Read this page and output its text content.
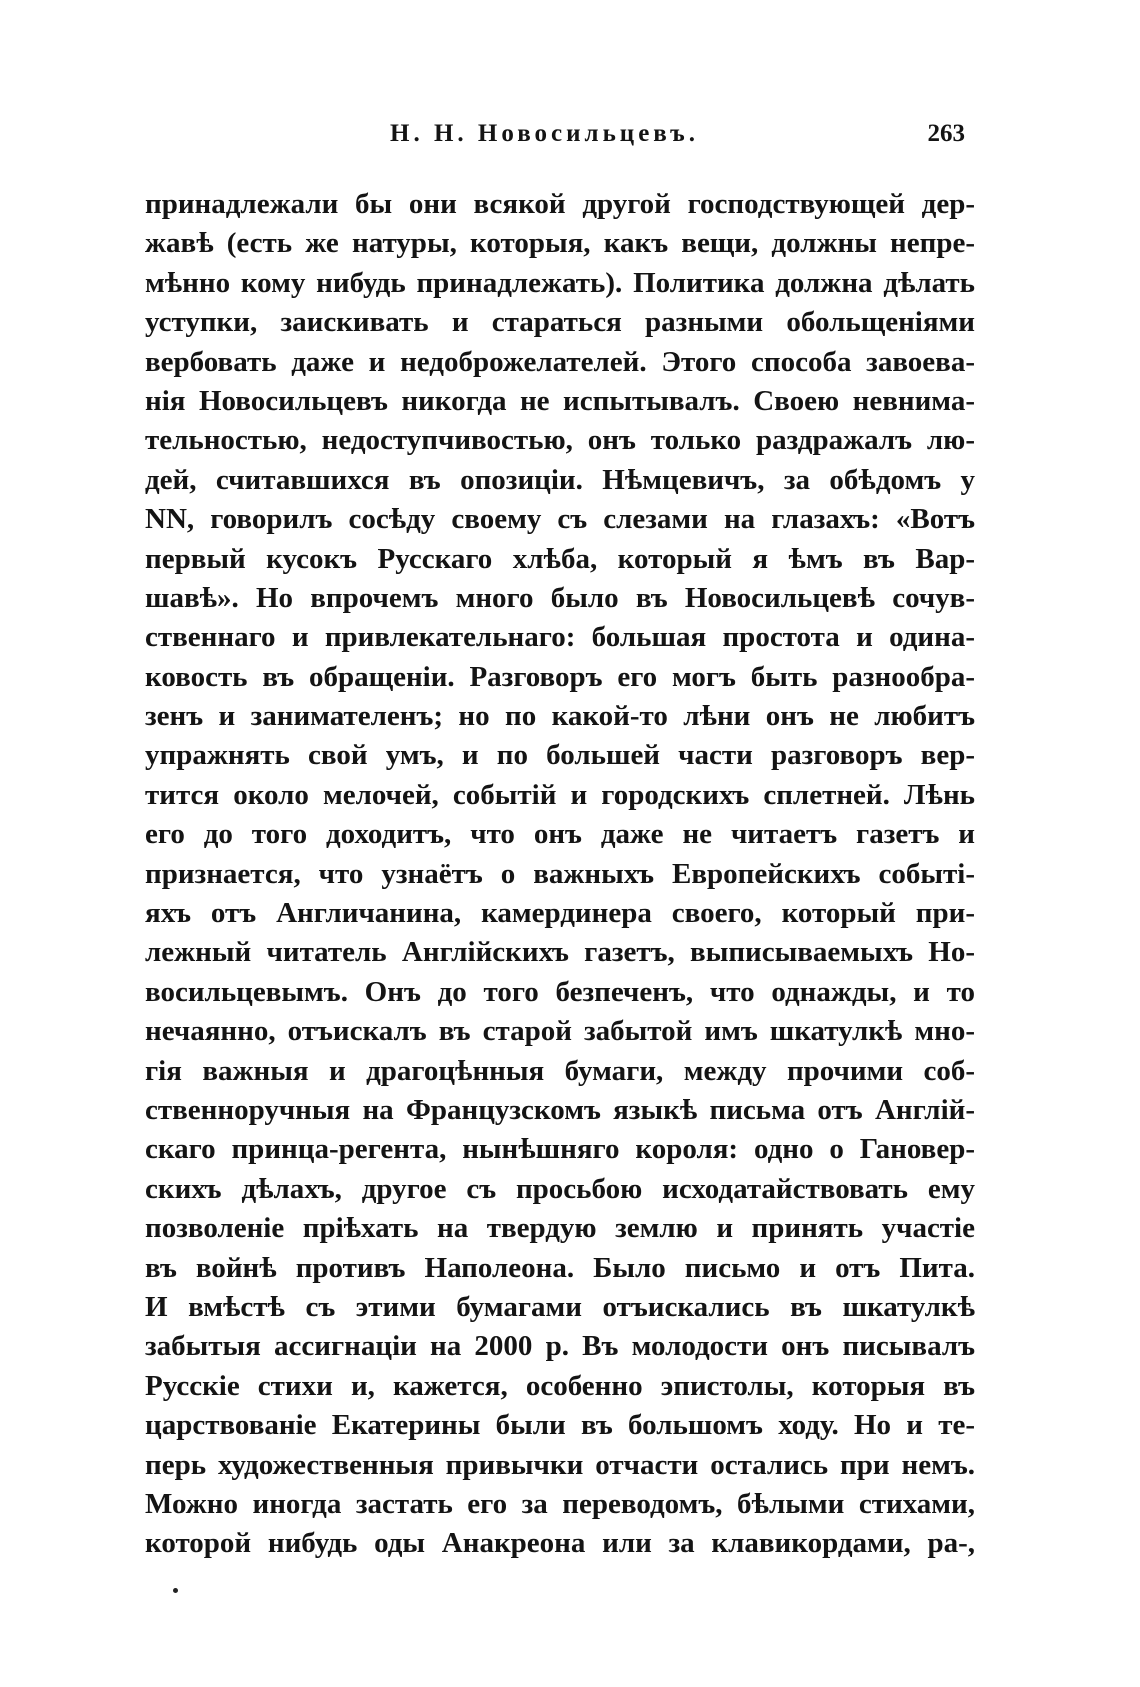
Н. Н. Новосильцевъ.	263
принадлежали бы они всякой другой господствующей дер-
жавѣ (есть же натуры, которыя, какъ вещи, должны непре-
мѣнно кому нибудь принадлежать). Политика должна дѣлать
уступки, заискивать и стараться разными обольщеніями
вербовать даже и недоброжелателей. Этого способа завоева-
нія Новосильцевъ никогда не испытывалъ. Своею невнима-
тельностью, недоступчивостью, онъ только раздражалъ лю-
дей, считавшихся въ опозиціи. Нѣмцевичъ, за обѣдомъ у
NN, говорилъ сосѣду своему съ слезами на глазахъ: «Вотъ
первый кусокъ Русскаго хлѣба, который я ѣмъ въ Вар-
шавѣ». Но впрочемъ много было въ Новосильцевѣ сочув-
ственнаго и привлекательнаго: большая простота и одина-
ковость въ обращеніи. Разговоръ его могъ быть разнообра-
зенъ и занимателенъ; но по какой-то лѣни онъ не любитъ
упражнять свой умъ, и по большей части разговоръ вер-
тится около мелочей, событій и городскихъ сплетней. Лѣнь
его до того доходитъ, что онъ даже не читаетъ газетъ и
признается, что узнаётъ о важныхъ Европейскихъ событі-
яхъ отъ Англичанина, камердинера своего, который при-
лежный читатель Англійскихъ газетъ, выписываемыхъ Но-
восильцевымъ. Онъ до того безпеченъ, что однажды, и то
нечаянно, отъискалъ въ старой забытой имъ шкатулкѣ мно-
гія важныя и драгоцѣнныя бумаги, между прочими соб-
ственноручныя на Французскомъ языкѣ письма отъ Англій-
скаго принца-регента, нынѣшняго короля: одно о Гановер-
скихъ дѣлахъ, другое съ просьбою исходатайствовать ему
позволеніе пріѣхать на твердую землю и принять участіе
въ войнѣ противъ Наполеона. Было письмо и отъ Пита.
И вмѣстѣ съ этими бумагами отъискались въ шкатулкѣ
забытыя ассигнаціи на 2000 р. Въ молодости онъ писывалъ
Русскіе стихи и, кажется, особенно эпистолы, которыя въ
царствованіе Екатерины были въ большомъ ходу. Но и те-
перь художественныя привычки отчасти остались при немъ.
Можно иногда застать его за переводомъ, бѣлыми стихами,
которой нибудь оды Анакреона или за клавикордами, ра-,
